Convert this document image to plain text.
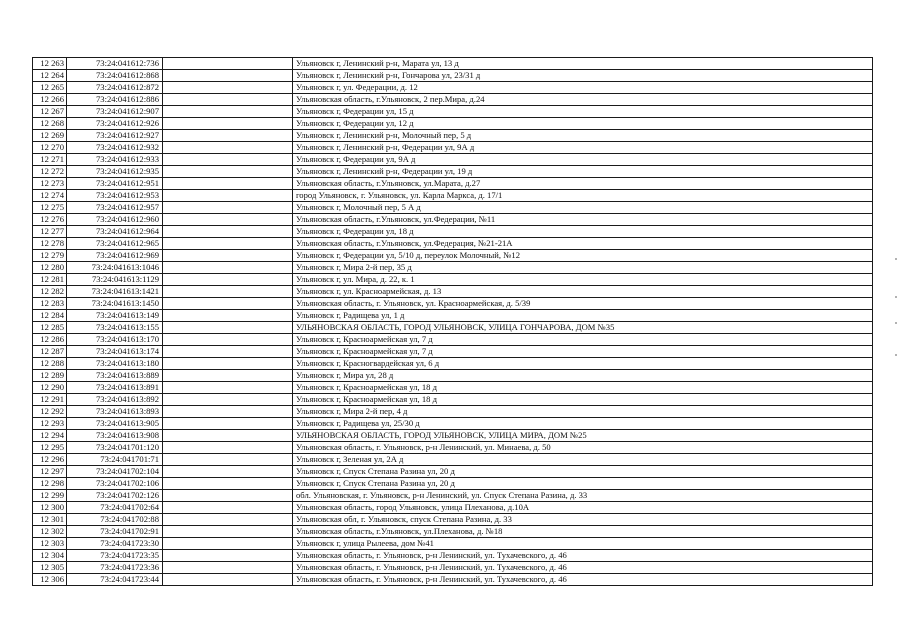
12 263	73:24:041612:736		Ульяновск г, Ленинский р-н, Марата ул, 13 д
12 264	73:24:041612:868		Ульяновск г, Ленинский р-н, Гончарова ул, 23/31 д
12 265	73:24:041612:872		Ульяновск г, ул. Федерации, д. 12
12 266	73:24:041612:886		Ульяновская область, г.Ульяновск, 2 пер.Мира, д.24
12 267	73:24:041612:907		Ульяновск г, Федерации ул, 15 д
12 268	73:24:041612:926		Ульяновск г, Федерации ул, 12 д
12 269	73:24:041612:927		Ульяновск г, Ленинский р-н, Молочный пер, 5 д
12 270	73:24:041612:932		Ульяновск г, Ленинский р-н, Федерации ул, 9А д
12 271	73:24:041612:933		Ульяновск г, Федерации ул, 9А д
12 272	73:24:041612:935		Ульяновск г, Ленинский р-н, Федерации ул, 19 д
12 273	73:24:041612:951		Ульяновская область, г.Ульяновск, ул.Марата, д.27
12 274	73:24:041612:953		город Ульяновск, г. Ульяновск, ул. Карла Маркса, д. 17/1
12 275	73:24:041612:957		Ульяновск г, Молочный пер, 5 А д
12 276	73:24:041612:960		Ульяновская область, г.Ульяновск, ул.Федерации, №11
12 277	73:24:041612:964		Ульяновск г, Федерации ул, 18 д
12 278	73:24:041612:965		Ульяновская область, г.Ульяновск, ул.Федерация, №21-21А
12 279	73:24:041612:969		Ульяновск г, Федерации ул, 5/10 д, переулок Молочный, №12
12 280	73:24:041613:1046		Ульяновск г, Мира 2-й пер, 35 д
12 281	73:24:041613:1129		Ульяновск г, ул. Мира, д. 22, к. 1
12 282	73:24:041613:1421		Ульяновск г, ул. Красноармейская, д. 13
12 283	73:24:041613:1450		Ульяновская область, г. Ульяновск, ул. Красноармейская, д. 5/39
12 284	73:24:041613:149		Ульяновск г, Радищева ул, 1 д
12 285	73:24:041613:155		УЛЬЯНОВСКАЯ ОБЛАСТЬ, ГОРОД УЛЬЯНОВСК, УЛИЦА ГОНЧАРОВА, ДОМ №35
12 286	73:24:041613:170		Ульяновск г, Красноармейская ул, 7 д
12 287	73:24:041613:174		Ульяновск г, Красноармейская ул, 7 д
12 288	73:24:041613:180		Ульяновск г, Красногвардейская ул, 6 д
12 289	73:24:041613:889		Ульяновск г, Мира ул, 28 д
12 290	73:24:041613:891		Ульяновск г, Красноармейская ул, 18 д
12 291	73:24:041613:892		Ульяновск г, Красноармейская ул, 18 д
12 292	73:24:041613:893		Ульяновск г, Мира 2-й пер, 4 д
12 293	73:24:041613:905		Ульяновск г, Радищева ул, 25/30 д
12 294	73:24:041613:908		УЛЬЯНОВСКАЯ ОБЛАСТЬ, ГОРОД УЛЬЯНОВСК, УЛИЦА МИРА, ДОМ №25
12 295	73:24:041701:120		Ульяновская область, г. Ульяновск, р-н Ленинский, ул. Минаева, д. 50
12 296	73:24:041701:71		Ульяновск г, Зеленая ул, 2А д
12 297	73:24:041702:104		Ульяновск г, Спуск Степана Разина ул, 20 д
12 298	73:24:041702:106		Ульяновск г, Спуск Степана Разина ул, 20 д
12 299	73:24:041702:126		обл. Ульяновская, г. Ульяновск, р-н Ленинский, ул. Спуск Степана Разина, д. 33
12 300	73:24:041702:64		Ульяновская область, город Ульяновск, улица Плеханова, д.10А
12 301	73:24:041702:88		Ульяновская обл, г. Ульяновск, спуск Степана Разина, д. 33
12 302	73:24:041702:91		Ульяновская область, г.Ульяновск, ул.Плеханова, д. №18
12 303	73:24:041723:30		Ульяновск г, улица Рылеева, дом №41
12 304	73:24:041723:35		Ульяновская область, г. Ульяновск, р-н Ленинский, ул. Тухачевского, д. 46
12 305	73:24:041723:36		Ульяновская область, г. Ульяновск, р-н Ленинский, ул. Тухачевского, д. 46
12 306	73:24:041723:44		Ульяновская область, г. Ульяновск, р-н Ленинский, ул. Тухачевского, д. 46
